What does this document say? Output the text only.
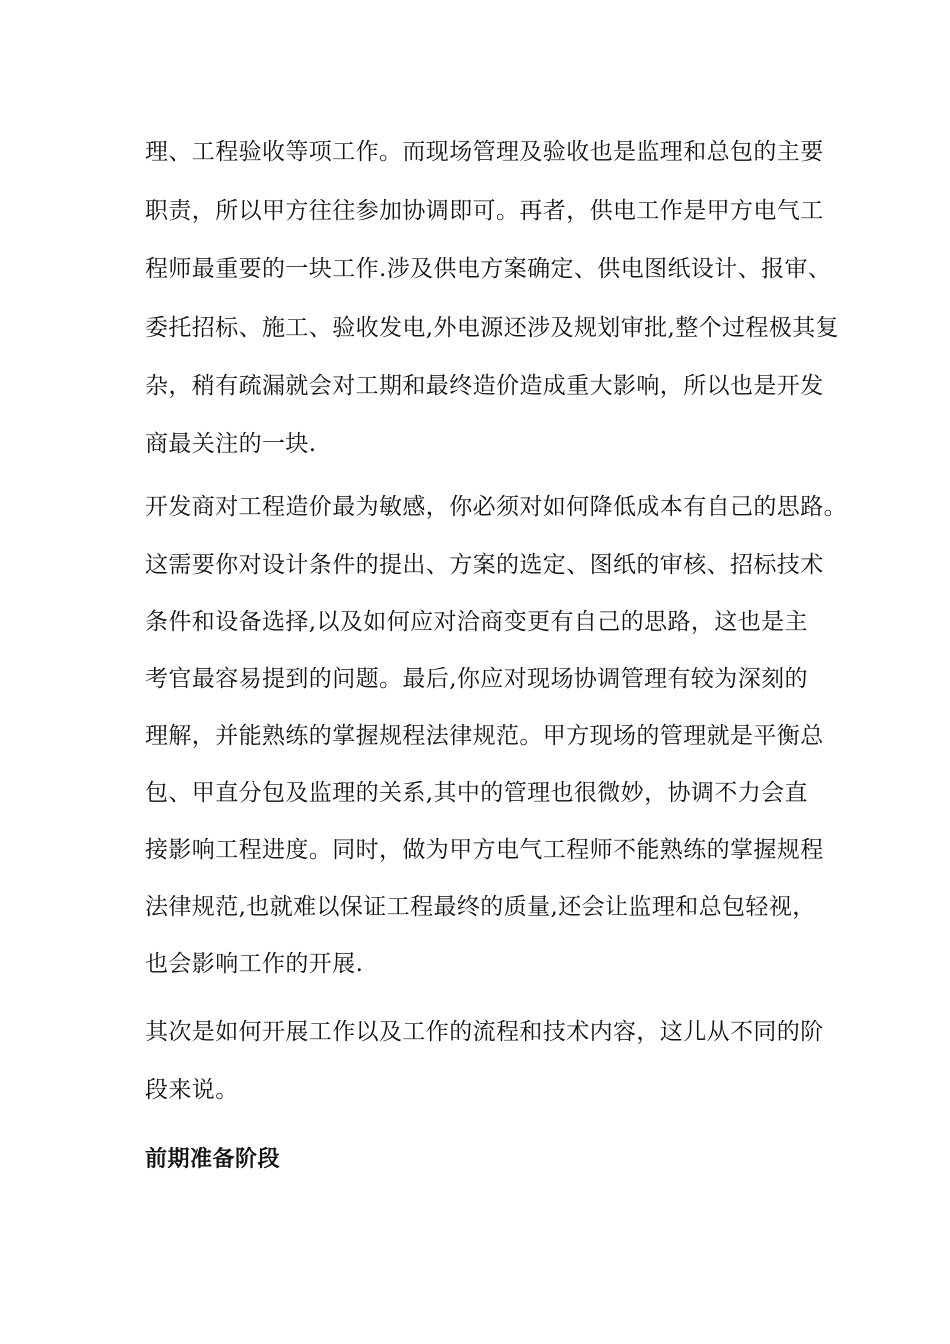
理、工程验收等项工作。而现场管理及验收也是监理和总包的主要
职责，所以甲方往往参加协调即可。再者，供电工作是甲方电气工
程师最重要的一块工作.涉及供电方案确定、供电图纸设计、报审、
委托招标、施工、验收发电,外电源还涉及规划审批,整个过程极其复
杂，稍有疏漏就会对工期和最终造价造成重大影响，所以也是开发
商最关注的一块.
开发商对工程造价最为敏感，你必须对如何降低成本有自己的思路。
这需要你对设计条件的提出、方案的选定、图纸的审核、招标技术
条件和设备选择,以及如何应对洽商变更有自己的思路，这也是主
考官最容易提到的问题。最后,你应对现场协调管理有较为深刻的
理解，并能熟练的掌握规程法律规范。甲方现场的管理就是平衡总
包、甲直分包及监理的关系,其中的管理也很微妙，协调不力会直
接影响工程进度。同时，做为甲方电气工程师不能熟练的掌握规程
法律规范,也就难以保证工程最终的质量,还会让监理和总包轻视，
也会影响工作的开展.
其次是如何开展工作以及工作的流程和技术内容，这儿从不同的阶
段来说。
前期准备阶段
